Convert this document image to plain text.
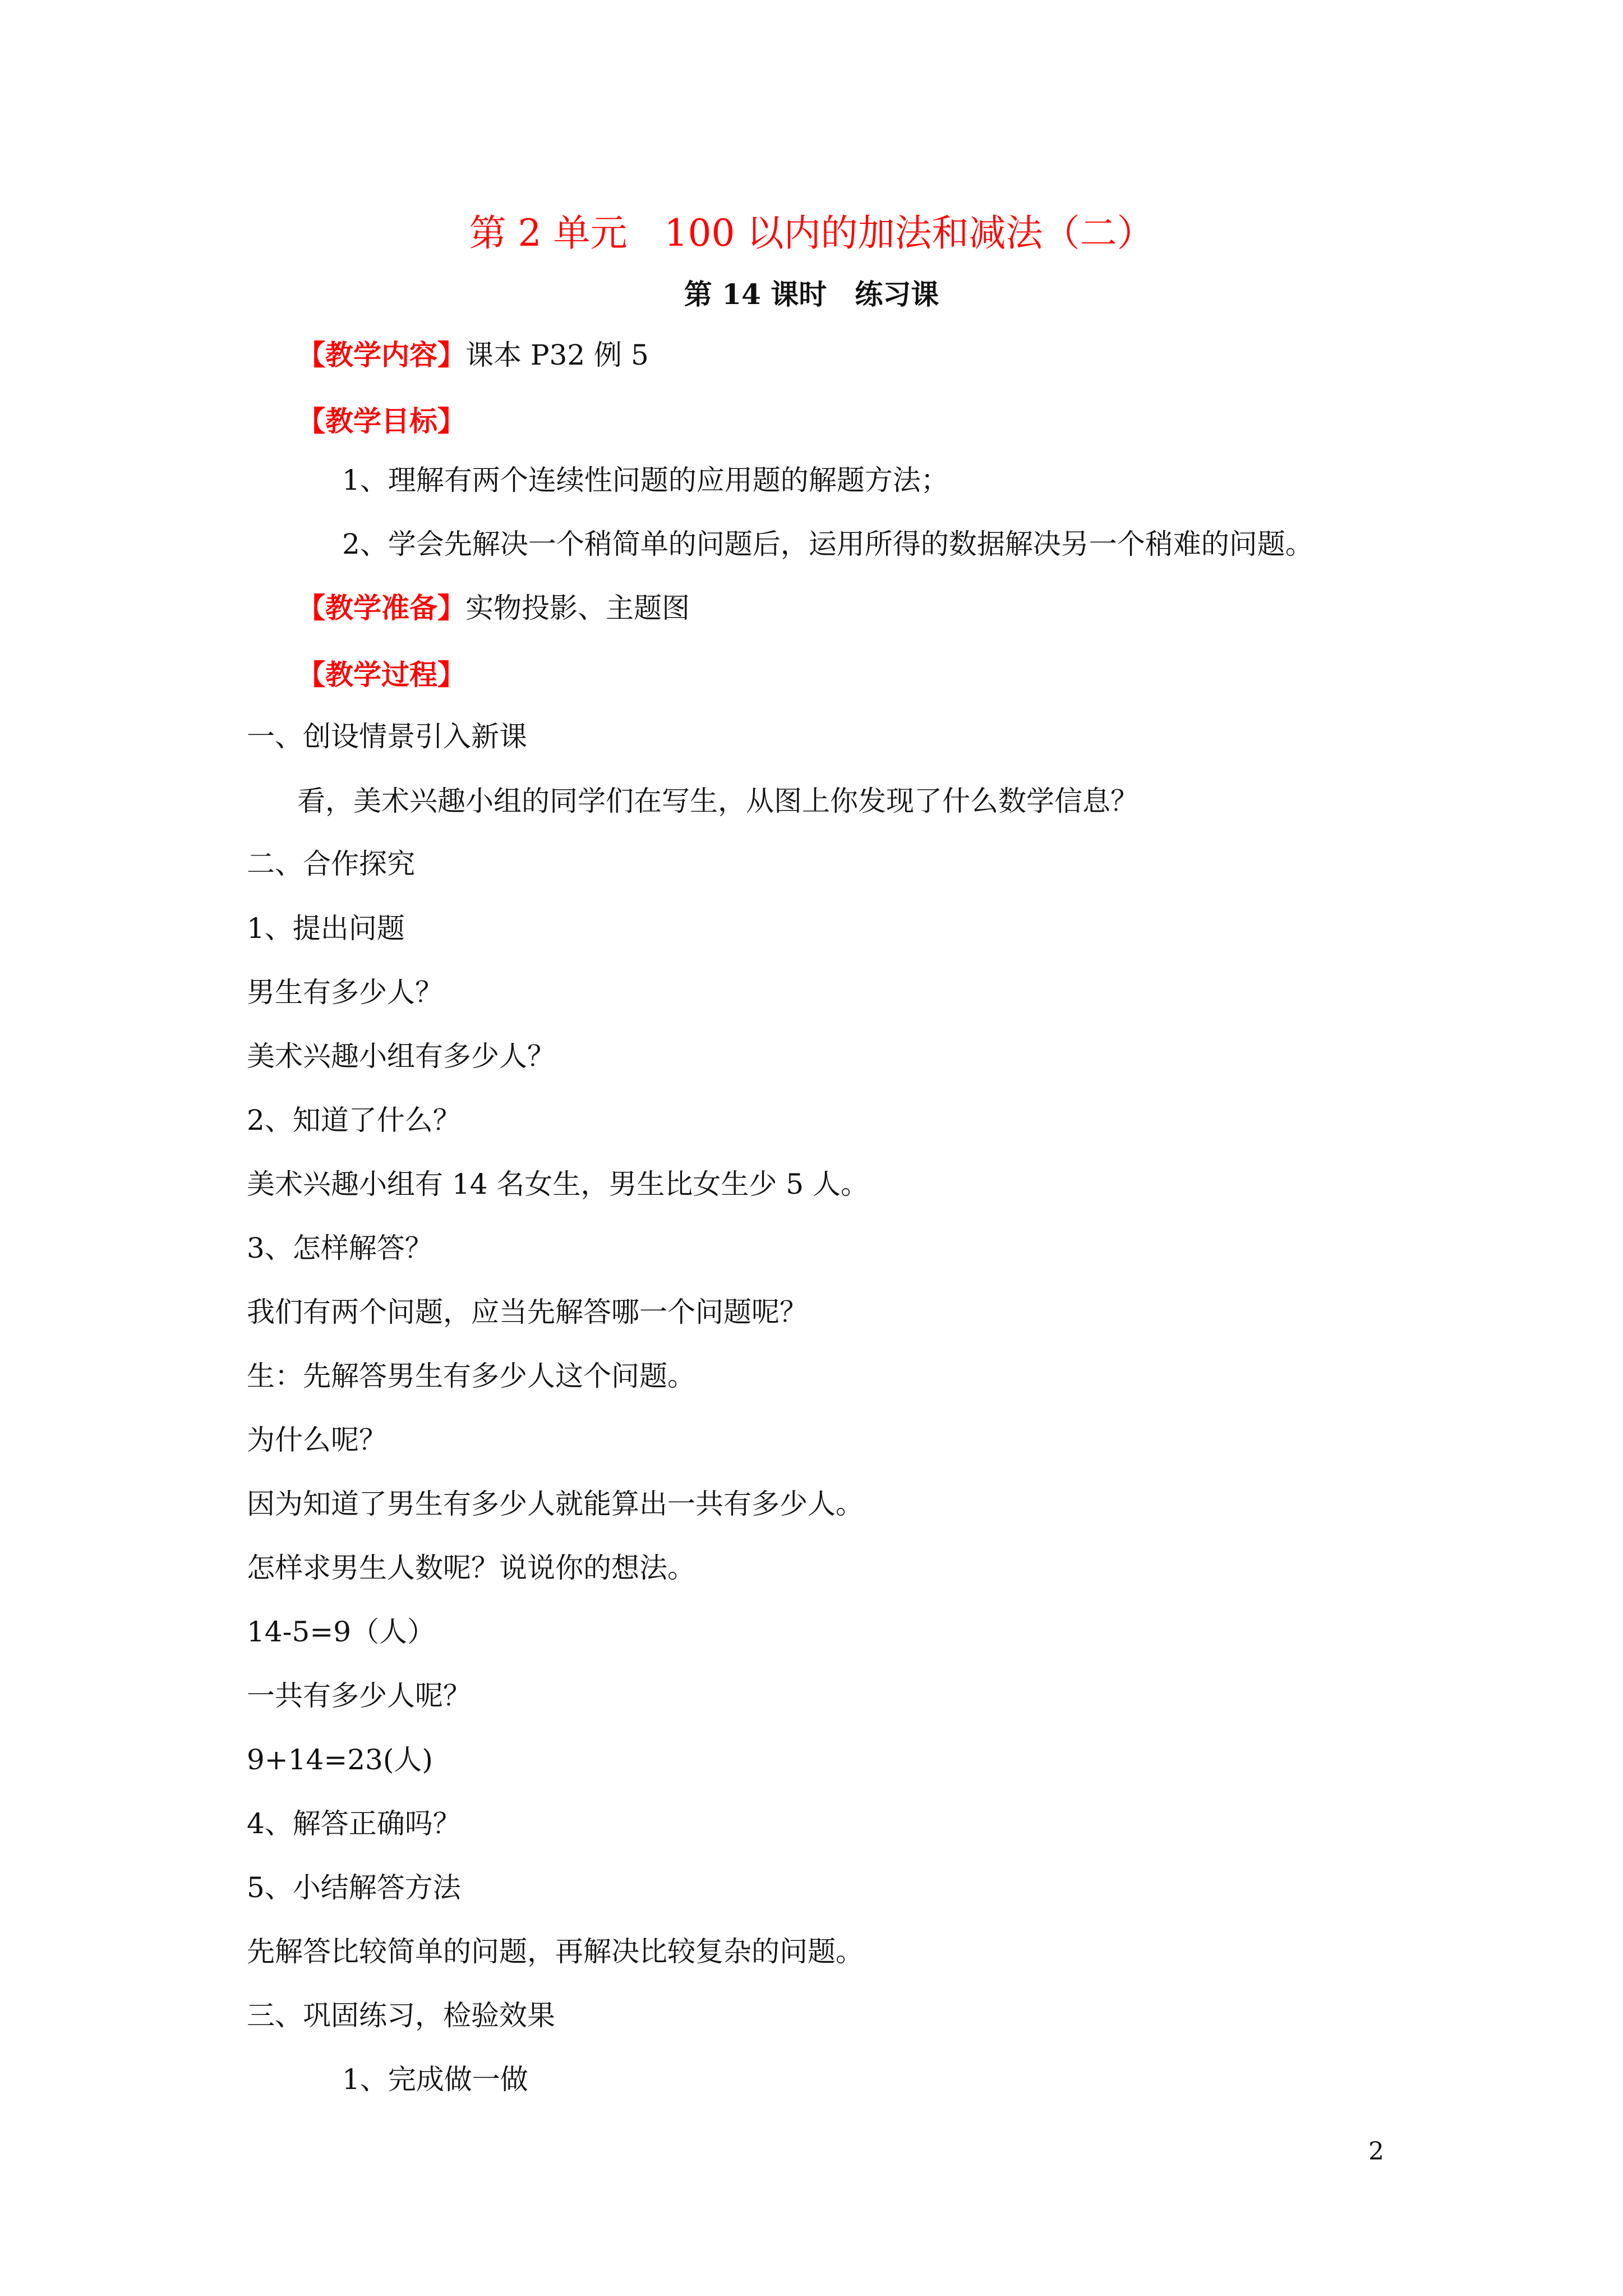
第 2 单元　100 以内的加法和减法（二）
第 14 课时　练习课
【教学内容】课本 P32 例 5
【教学目标】
1、理解有两个连续性问题的应用题的解题方法；
2、学会先解决一个稍简单的问题后，运用所得的数据解决另一个稍难的问题。
【教学准备】实物投影、主题图
【教学过程】
一、创设情景引入新课
看，美术兴趣小组的同学们在写生，从图上你发现了什么数学信息？
二、合作探究
1、提出问题
男生有多少人？
美术兴趣小组有多少人？
2、知道了什么？
美术兴趣小组有 14 名女生，男生比女生少 5 人。
3、怎样解答？
我们有两个问题，应当先解答哪一个问题呢？
生：先解答男生有多少人这个问题。
为什么呢？
因为知道了男生有多少人就能算出一共有多少人。
怎样求男生人数呢？说说你的想法。
14-5=9（人）
一共有多少人呢？
9+14=23(人)
4、解答正确吗？
5、小结解答方法
先解答比较简单的问题，再解决比较复杂的问题。
三、巩固练习，检验效果
1、完成做一做
2
